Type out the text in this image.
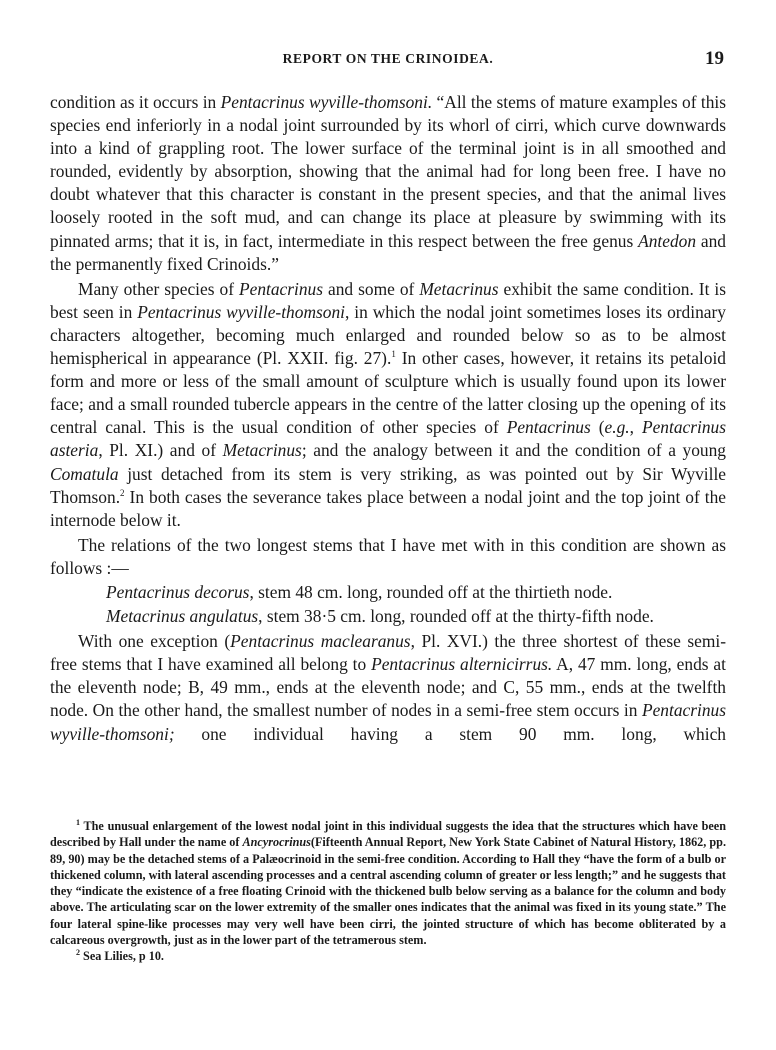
REPORT ON THE CRINOIDEA.	19

condition as it occurs in Pentacrinus wyville-thomsoni. “All the stems of mature examples of this species end inferiorly in a nodal joint surrounded by its whorl of cirri, which curve downwards into a kind of grappling root. The lower surface of the terminal joint is in all smoothed and rounded, evidently by absorption, showing that the animal had for long been free. I have no doubt whatever that this character is constant in the present species, and that the animal lives loosely rooted in the soft mud, and can change its place at pleasure by swimming with its pinnated arms; that it is, in fact, intermediate in this respect between the free genus Antedon and the permanently fixed Crinoids.”

Many other species of Pentacrinus and some of Metacrinus exhibit the same condition. It is best seen in Pentacrinus wyville-thomsoni, in which the nodal joint sometimes loses its ordinary characters altogether, becoming much enlarged and rounded below so as to be almost hemispherical in appearance (Pl. XXII. fig. 27).$^1$ In other cases, however, it retains its petaloid form and more or less of the small amount of sculpture which is usually found upon its lower face; and a small rounded tubercle appears in the centre of the latter closing up the opening of its central canal. This is the usual condition of other species of Pentacrinus (e.g., Pentacrinus asteria, Pl. XI.) and of Metacrinus; and the analogy between it and the condition of a young Comatula just detached from its stem is very striking, as was pointed out by Sir Wyville Thomson.$^2$ In both cases the severance takes place between a nodal joint and the top joint of the internode below it.

The relations of the two longest stems that I have met with in this condition are shown as follows :—

Pentacrinus decorus, stem 48 cm. long, rounded off at the thirtieth node.

Metacrinus angulatus, stem 38·5 cm. long, rounded off at the thirty-fifth node.

With one exception (Pentacrinus maclearanus, Pl. XVI.) the three shortest of these semi-free stems that I have examined all belong to Pentacrinus alternicirrus. A, 47 mm. long, ends at the eleventh node; B, 49 mm., ends at the eleventh node; and C, 55 mm., ends at the twelfth node. On the other hand, the smallest number of nodes in a semi-free stem occurs in Pentacrinus wyville-thomsoni; one individual having a stem 90 mm. long, which

$^1$ The unusual enlargement of the lowest nodal joint in this individual suggests the idea that the structures which have been described by Hall under the name of Ancyrocrinus(Fifteenth Annual Report, New York State Cabinet of Natural History, 1862, pp. 89, 90) may be the detached stems of a Palæocrinoid in the semi-free condition. According to Hall they “have the form of a bulb or thickened column, with lateral ascending processes and a central ascending column of greater or less length;” and he suggests that they “indicate the existence of a free floating Crinoid with the thickened bulb below serving as a balance for the column and body above. The articulating scar on the lower extremity of the smaller ones indicates that the animal was fixed in its young state.” The four lateral spine-like processes may very well have been cirri, the jointed structure of which has become obliterated by a calcareous overgrowth, just as in the lower part of the tetramerous stem.

$^2$ Sea Lilies, p 10.
